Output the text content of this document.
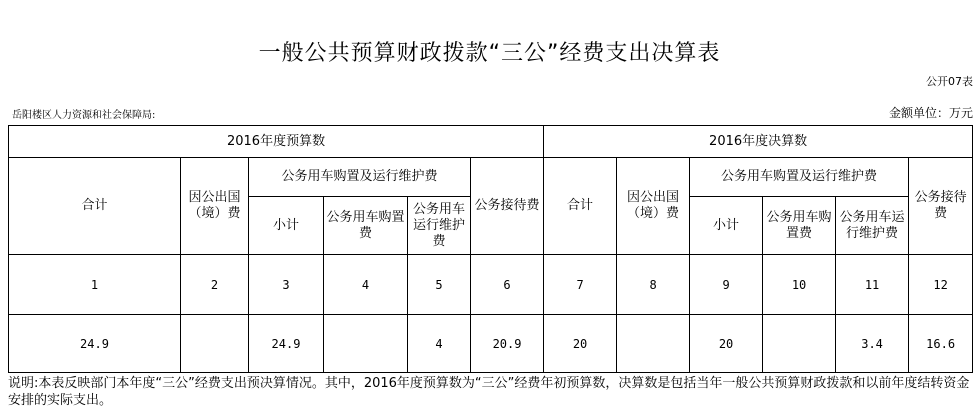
一般公共预算财政拨款“三公”经费支出决算表
公开07表
岳阳楼区人力资源和社会保障局:	金额单位：万元
2016年度预算数						2016年度决算数					
合计	因公出国（境）费	公务用车购置及运行维护费			公务接待费	合计	因公出国（境）费	公务用车购置及运行维护费			公务接待费
		小计	公务用车购置费	公务用车运行维护费				小计	公务用车购置费	公务用车运行维护费	
1	2	3	4	5	6	7	8	9	10	11	12
24.9		24.9		4	20.9	20		20		3.4	16.6
说明:本表反映部门本年度“三公”经费支出预决算情况。其中，2016年度预算数为“三公”经费年初预算数，决算数是包括当年一般公共预算财政拨款和以前年度结转资金安排的实际支出。
